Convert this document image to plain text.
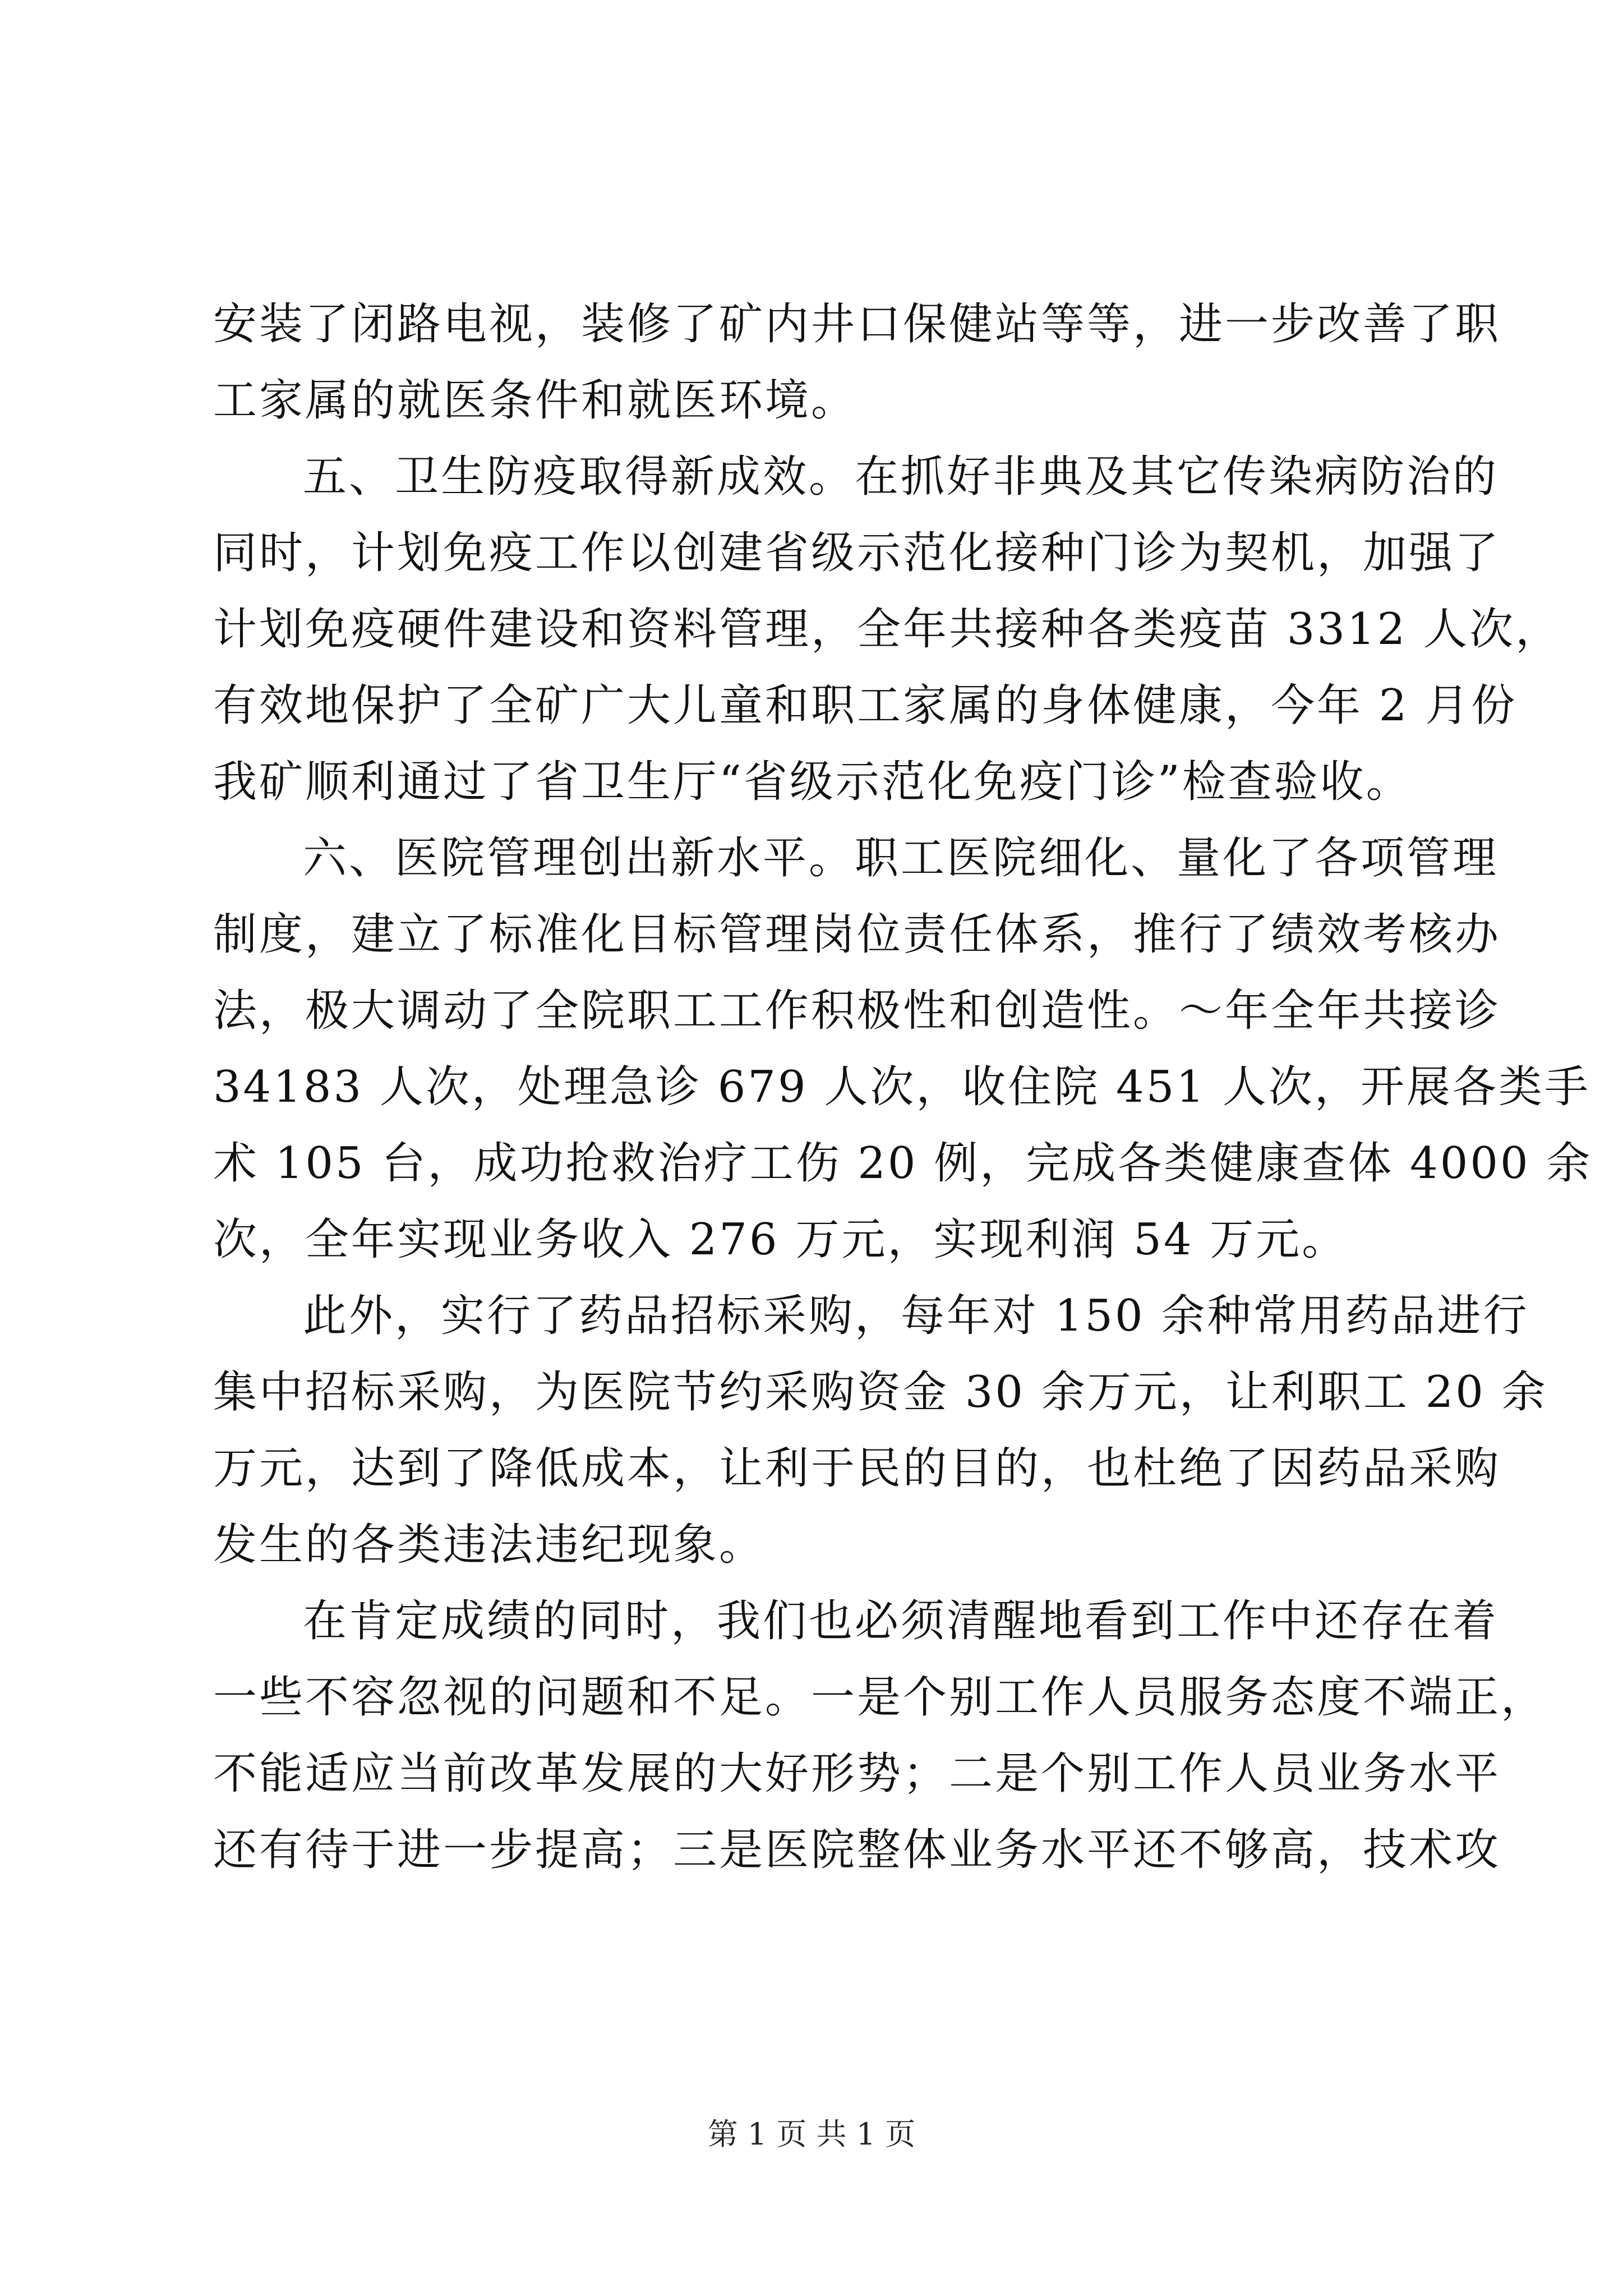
安装了闭路电视，装修了矿内井口保健站等等，进一步改善了职
工家属的就医条件和就医环境。
五、卫生防疫取得新成效。在抓好非典及其它传染病防治的
同时，计划免疫工作以创建省级示范化接种门诊为契机，加强了
计划免疫硬件建设和资料管理，全年共接种各类疫苗 3312 人次，
有效地保护了全矿广大儿童和职工家属的身体健康，今年 2 月份
我矿顺利通过了省卫生厅“省级示范化免疫门诊”检查验收。
六、医院管理创出新水平。职工医院细化、量化了各项管理
制度，建立了标准化目标管理岗位责任体系，推行了绩效考核办
法，极大调动了全院职工工作积极性和创造性。～年全年共接诊
34183 人次，处理急诊 679 人次，收住院 451 人次，开展各类手
术 105 台，成功抢救治疗工伤 20 例，完成各类健康查体 4000 余
次，全年实现业务收入 276 万元，实现利润 54 万元。
此外，实行了药品招标采购，每年对 150 余种常用药品进行
集中招标采购，为医院节约采购资金 30 余万元，让利职工 20 余
万元，达到了降低成本，让利于民的目的，也杜绝了因药品采购
发生的各类违法违纪现象。
在肯定成绩的同时，我们也必须清醒地看到工作中还存在着
一些不容忽视的问题和不足。一是个别工作人员服务态度不端正，
不能适应当前改革发展的大好形势；二是个别工作人员业务水平
还有待于进一步提高；三是医院整体业务水平还不够高，技术攻
第 1 页 共 1 页
